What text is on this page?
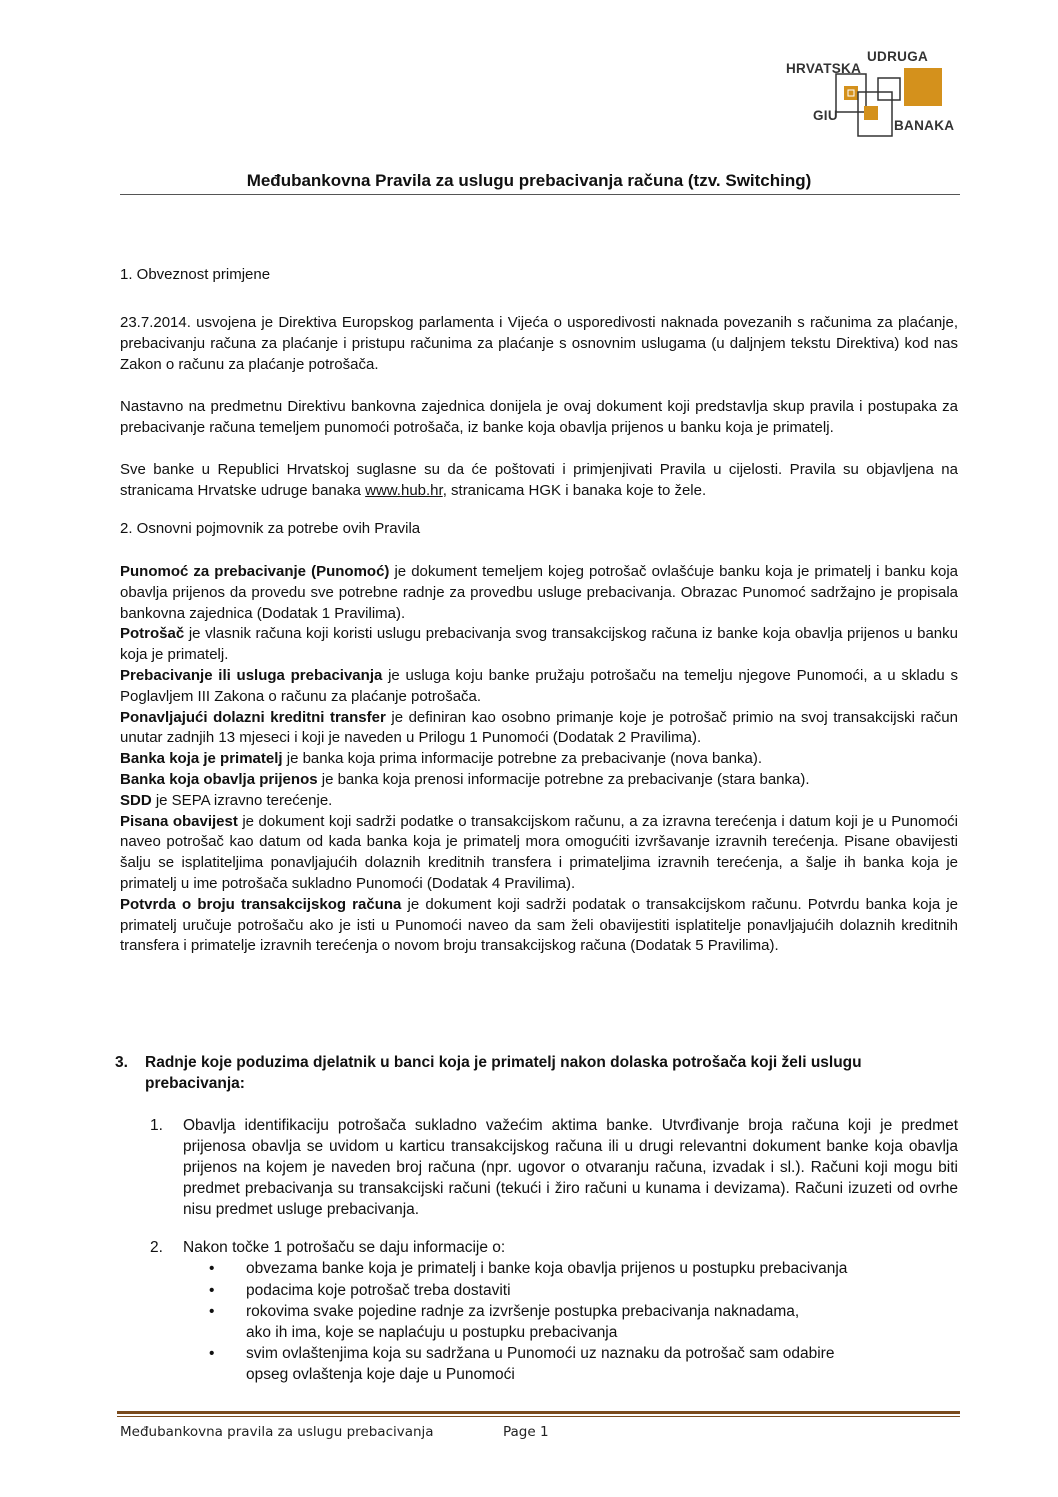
HRVATSKA
UDRUGA
GIU
BANAKA
Međubankovna Pravila za uslugu prebacivanja računa (tzv. Switching)
1. Obveznost primjene

23.7.2014. usvojena je Direktiva Europskog parlamenta i Vijeća o usporedivosti naknada povezanih s računima za plaćanje, prebacivanju računa za plaćanje i pristupu računima za plaćanje s osnovnim uslugama (u daljnjem tekstu Direktiva) kod nas Zakon o računu za plaćanje potrošača.

Nastavno na predmetnu Direktivu bankovna zajednica donijela je ovaj dokument koji predstavlja skup pravila i postupaka za prebacivanje računa temeljem punomoći potrošača, iz banke koja obavlja prijenos u banku koja je primatelj.

Sve banke u Republici Hrvatskoj suglasne su da će poštovati i primjenjivati Pravila u cijelosti. Pravila su objavljena na stranicama Hrvatske udruge banaka www.hub.hr, stranicama HGK i banaka koje to žele.

2. Osnovni pojmovnik za potrebe ovih Pravila

Punomoć za prebacivanje (Punomoć) je dokument temeljem kojeg potrošač ovlašćuje banku koja je primatelj i banku koja obavlja prijenos da provedu sve potrebne radnje za provedbu usluge prebacivanja. Obrazac Punomoć sadržajno je propisala bankovna zajednica (Dodatak 1 Pravilima).

Potrošač je vlasnik računa koji koristi uslugu prebacivanja svog transakcijskog računa iz banke koja obavlja prijenos u banku koja je primatelj.

Prebacivanje ili usluga prebacivanja je usluga koju banke pružaju potrošaču na temelju njegove Punomoći, a u skladu s Poglavljem III Zakona o računu za plaćanje potrošača.

Ponavljajući dolazni kreditni transfer je definiran kao osobno primanje koje je potrošač primio na svoj transakcijski račun unutar zadnjih 13 mjeseci i koji je naveden u Prilogu 1 Punomoći (Dodatak 2 Pravilima).

Banka koja je primatelj je banka koja prima informacije potrebne za prebacivanje (nova banka).

Banka koja obavlja prijenos je banka koja prenosi informacije potrebne za prebacivanje (stara banka).

SDD je SEPA izravno terećenje.

Pisana obavijest je dokument koji sadrži podatke o transakcijskom računu, a za izravna terećenja i datum koji je u Punomoći naveo potrošač kao datum od kada banka koja je primatelj mora omogućiti izvršavanje izravnih terećenja. Pisane obavijesti šalju se isplatiteljima ponavljajućih dolaznih kreditnih transfera i primateljima izravnih terećenja, a šalje ih banka koja je primatelj u ime potrošača sukladno Punomoći (Dodatak 4 Pravilima).

Potvrda o broju transakcijskog računa je dokument koji sadrži podatak o transakcijskom računu. Potvrdu banka koja je primatelj uručuje potrošaču ako je isti u Punomoći naveo da sam želi obavijestiti isplatitelje ponavljajućih dolaznih kreditnih transfera i primatelje izravnih terećenja o novom broju transakcijskog računa (Dodatak 5 Pravilima).

3. Radnje koje poduzima djelatnik u banci koja je primatelj nakon dolaska potrošača koji želi uslugu prebacivanja:
1. Obavlja identifikaciju potrošača sukladno važećim aktima banke. Utvrđivanje broja računa koji je predmet prijenosa obavlja se uvidom u karticu transakcijskog računa ili u drugi relevantni dokument banke koja obavlja prijenos na kojem je naveden broj računa (npr. ugovor o otvaranju računa, izvadak i sl.). Računi koji mogu biti predmet prebacivanja su transakcijski računi (tekući i žiro računi u kunama i devizama). Računi izuzeti od ovrhe nisu predmet usluge prebacivanja.
2. Nakon točke 1 potrošaču se daju informacije o:
• obvezama banke koja je primatelj i banke koja obavlja prijenos u postupku prebacivanja
• podacima koje potrošač treba dostaviti
• rokovima svake pojedine radnje za izvršenje postupka prebacivanja naknadama,
ako ih ima, koje se naplaćuju u postupku prebacivanja
• svim ovlaštenjima koja su sadržana u Punomoći uz naznaku da potrošač sam odabire
opseg ovlaštenja koje daje u Punomoći
Međubankovna pravila za uslugu prebacivanja	Page 1
